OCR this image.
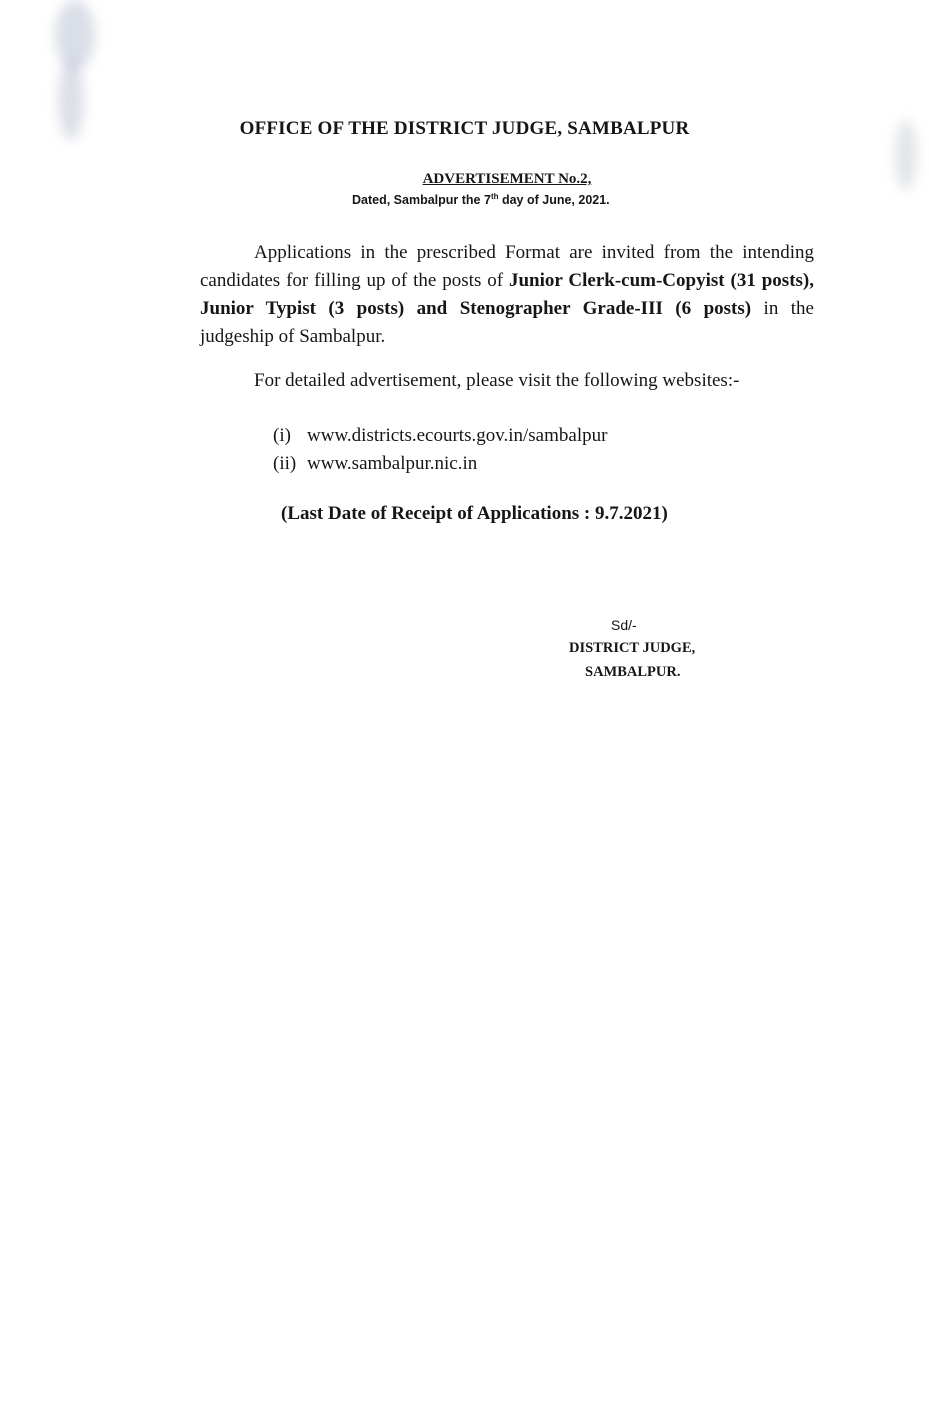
OFFICE OF THE DISTRICT JUDGE, SAMBALPUR
ADVERTISEMENT No.2,
Dated, Sambalpur the 7th day of June, 2021.

Applications in the prescribed Format are invited from the intending candidates for filling up of the posts of Junior Clerk-cum-Copyist (31 posts), Junior Typist (3 posts) and Stenographer Grade-III (6 posts) in the judgeship of Sambalpur.

For detailed advertisement, please visit the following websites:-
(i) www.districts.ecourts.gov.in/sambalpur
(ii) www.sambalpur.nic.in
(Last Date of Receipt of Applications : 9.7.2021)
Sd/-
DISTRICT JUDGE,
SAMBALPUR.
